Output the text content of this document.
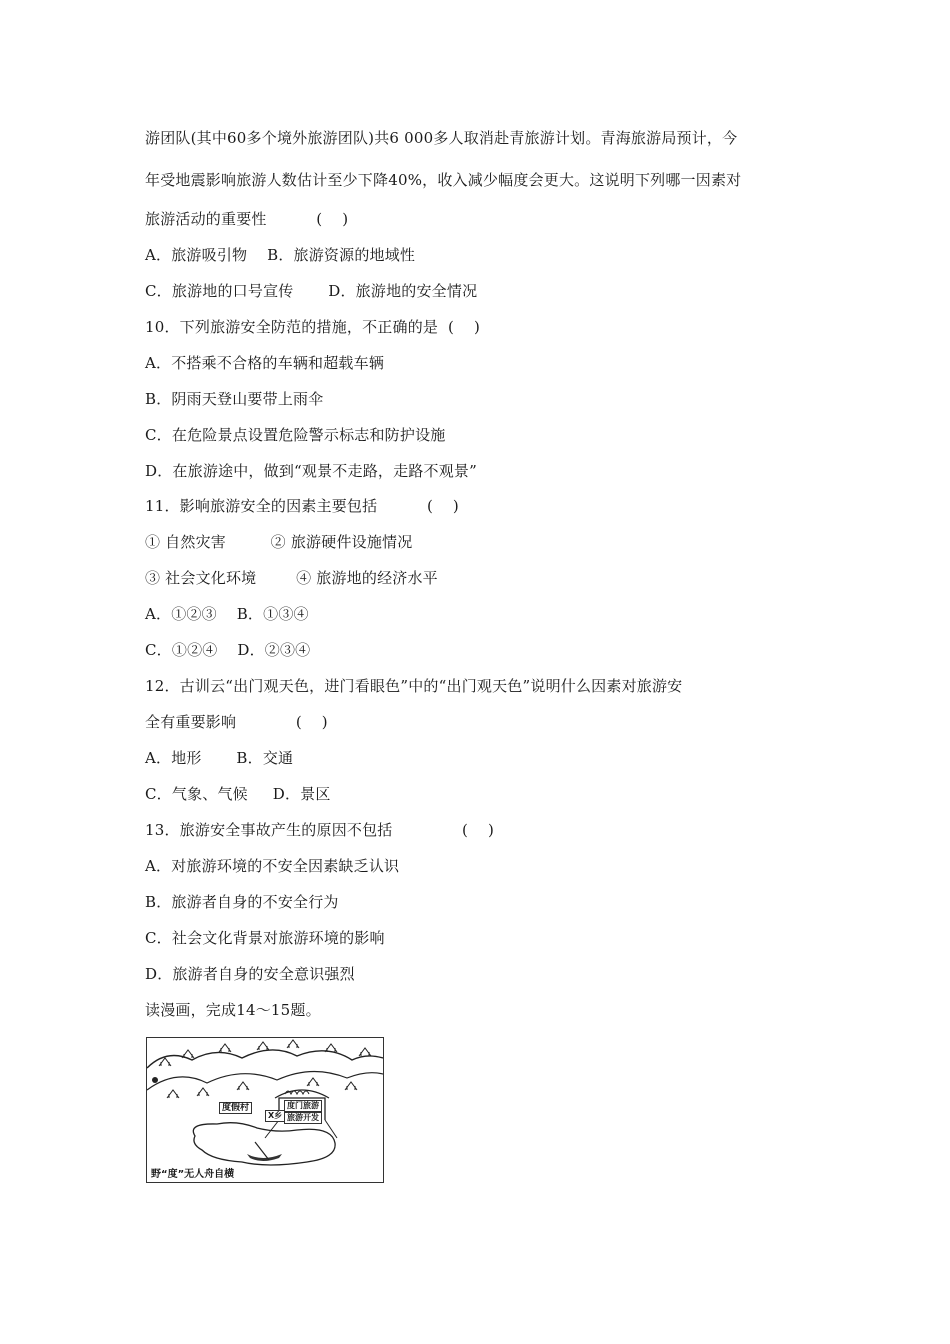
游团队(其中60多个境外旅游团队)共6 000多人取消赴青旅游计划。青海旅游局预计，今
年受地震影响旅游人数估计至少下降40%，收入减少幅度会更大。这说明下列哪一因素对
旅游活动的重要性          (    )
A．旅游吸引物    B．旅游资源的地域性
C．旅游地的口号宣传       D．旅游地的安全情况
10．下列旅游安全防范的措施，不正确的是  (    )
A．不搭乘不合格的车辆和超载车辆
B．阴雨天登山要带上雨伞
C．在危险景点设置危险警示标志和防护设施
D．在旅游途中，做到“观景不走路，走路不观景”
11．影响旅游安全的因素主要包括          (    )
① 自然灾害         ② 旅游硬件设施情况
③ 社会文化环境        ④ 旅游地的经济水平
A．①②③    B．①③④
C．①②④    D．②③④
12．古训云“出门观天色，进门看眼色”中的“出门观天色”说明什么因素对旅游安
全有重要影响            (    )
A．地形       B．交通
C．气象、气候     D．景区
13．旅游安全事故产生的原因不包括              (    )
A．对旅游环境的不安全因素缺乏认识
B．旅游者自身的不安全行为
C．社会文化背景对旅游环境的影响
D．旅游者自身的安全意识强烈
读漫画，完成14～15题。
度假村
X乡
度门旅游
旅游开发
野“度”无人舟自横
